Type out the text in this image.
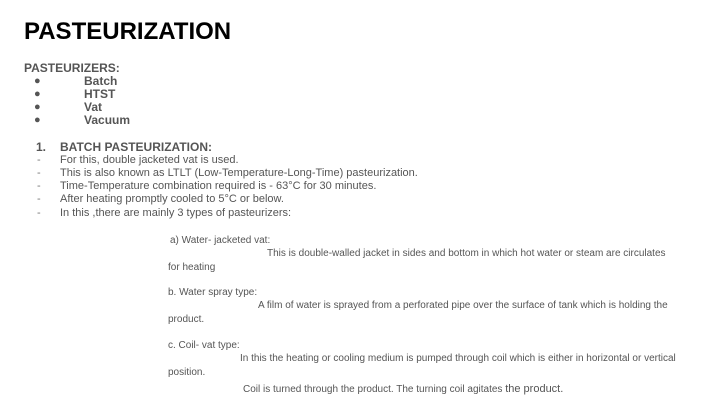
PASTEURIZATION
PASTEURIZERS:
●	Batch
●	HTST
●	Vat
●	Vacuum
1. BATCH PASTEURIZATION:
- For this, double jacketed vat is used.
- This is also known as LTLT (Low-Temperature-Long-Time) pasteurization.
- Time-Temperature combination required is - 63°C for 30 minutes.
- After heating promptly cooled to 5°C or below.
- In this ,there are mainly 3 types of pasteurizers:
a) Water- jacketed vat:
This is double-walled jacket in sides and bottom in which hot water or steam are circulates
for heating
b. Water spray type:
A film of water is sprayed from a perforated pipe over the surface of tank which is holding the
product.
c. Coil- vat type:
In this the heating or cooling medium is pumped through coil which is either in horizontal or vertical
position.
Coil is turned through the product. The turning coil agitates the product.
